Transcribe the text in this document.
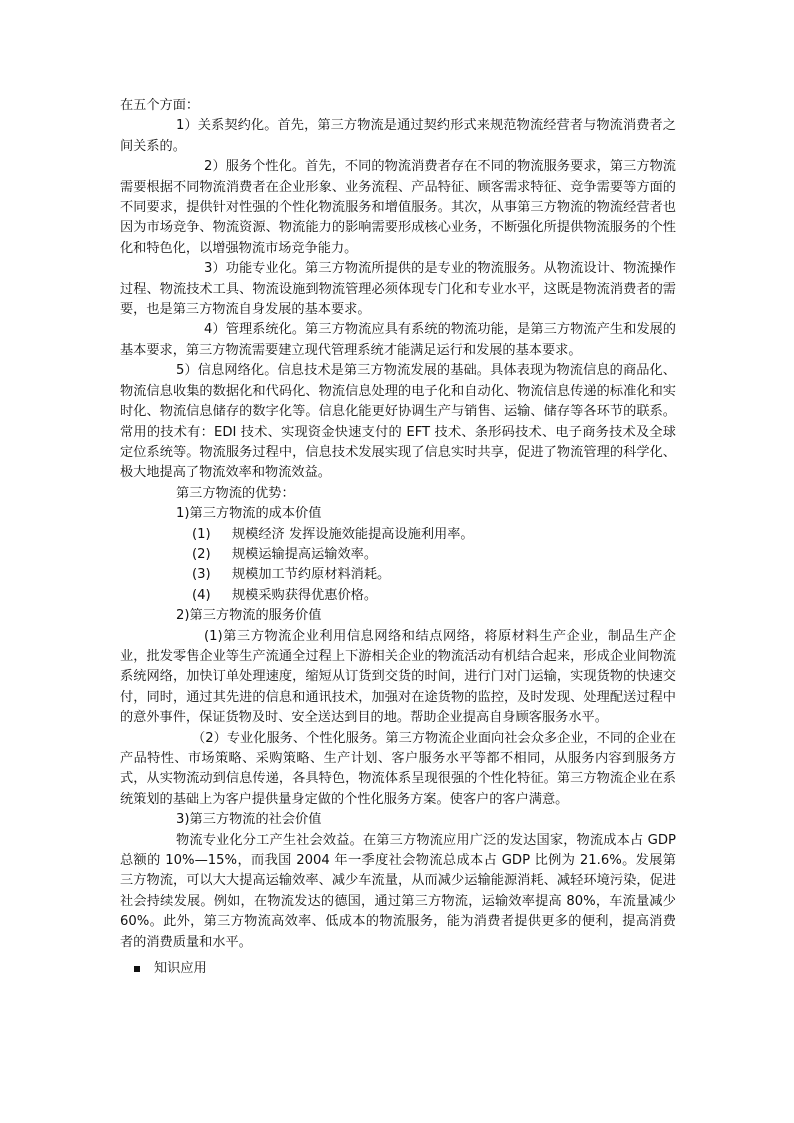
在五个方面：

1）关系契约化。首先，第三方物流是通过契约形式来规范物流经营者与物流消费者之间关系的。

2）服务个性化。首先，不同的物流消费者存在不同的物流服务要求，第三方物流需要根据不同物流消费者在企业形象、业务流程、产品特征、顾客需求特征、竞争需要等方面的不同要求，提供针对性强的个性化物流服务和增值服务。其次，从事第三方物流的物流经营者也因为市场竞争、物流资源、物流能力的影响需要形成核心业务，不断强化所提供物流服务的个性化和特色化，以增强物流市场竞争能力。

3）功能专业化。第三方物流所提供的是专业的物流服务。从物流设计、物流操作过程、物流技术工具、物流设施到物流管理必须体现专门化和专业水平，这既是物流消费者的需要，也是第三方物流自身发展的基本要求。

4）管理系统化。第三方物流应具有系统的物流功能，是第三方物流产生和发展的基本要求，第三方物流需要建立现代管理系统才能满足运行和发展的基本要求。

5）信息网络化。信息技术是第三方物流发展的基础。具体表现为物流信息的商品化、物流信息收集的数据化和代码化、物流信息处理的电子化和自动化、物流信息传递的标准化和实时化、物流信息储存的数字化等。信息化能更好协调生产与销售、运输、储存等各环节的联系。常用的技术有：EDI 技术、实现资金快速支付的 EFT 技术、条形码技术、电子商务技术及全球定位系统等。物流服务过程中，信息技术发展实现了信息实时共享，促进了物流管理的科学化、极大地提高了物流效率和物流效益。

第三方物流的优势：

1)第三方物流的成本价值

(1)	规模经济 发挥设施效能提高设施利用率。
(2)	规模运输提高运输效率。
(3)	规模加工节约原材料消耗。
(4)	规模采购获得优惠价格。

2)第三方物流的服务价值

(1)第三方物流企业利用信息网络和结点网络，将原材料生产企业，制品生产企业，批发零售企业等生产流通全过程上下游相关企业的物流活动有机结合起来，形成企业间物流系统网络，加快订单处理速度，缩短从订货到交货的时间，进行门对门运输，实现货物的快速交付，同时，通过其先进的信息和通讯技术，加强对在途货物的监控，及时发现、处理配送过程中的意外事件，保证货物及时、安全送达到目的地。帮助企业提高自身顾客服务水平。

（2）专业化服务、个性化服务。第三方物流企业面向社会众多企业，不同的企业在产品特性、市场策略、采购策略、生产计划、客户服务水平等都不相同，从服务内容到服务方式，从实物流动到信息传递，各具特色，物流体系呈现很强的个性化特征。第三方物流企业在系统策划的基础上为客户提供量身定做的个性化服务方案。使客户的客户满意。

3)第三方物流的社会价值

物流专业化分工产生社会效益。在第三方物流应用广泛的发达国家，物流成本占 GDP 总额的 10%—15%，而我国 2004 年一季度社会物流总成本占 GDP 比例为 21.6%。发展第三方物流，可以大大提高运输效率、减少车流量，从而减少运输能源消耗、减轻环境污染，促进社会持续发展。例如，在物流发达的德国，通过第三方物流，运输效率提高 80%，车流量减少 60%。此外，第三方物流高效率、低成本的物流服务，能为消费者提供更多的便利，提高消费者的消费质量和水平。

知识应用
